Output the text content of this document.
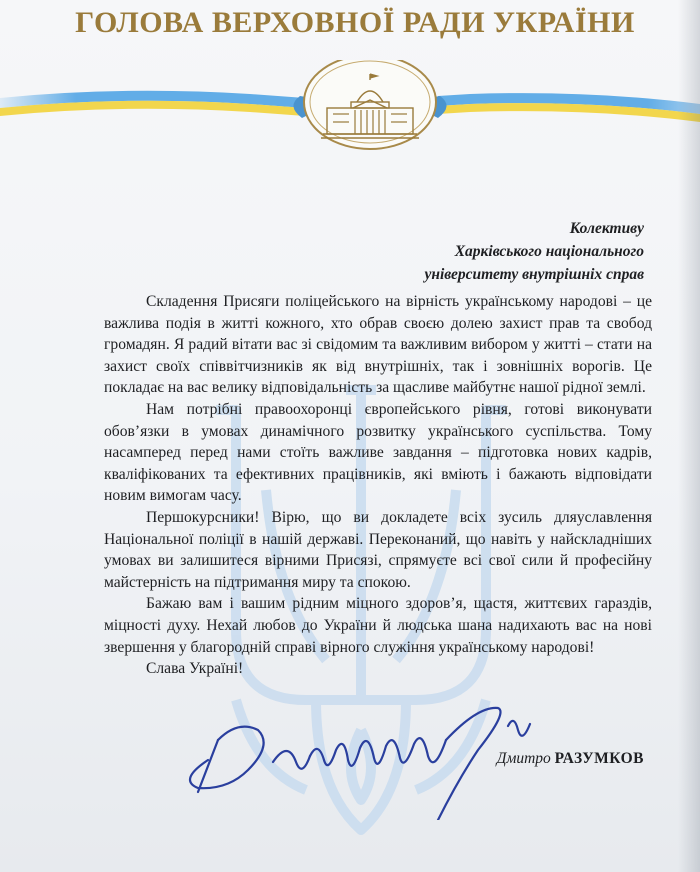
ГОЛОВА ВЕРХОВНОЇ РАДИ УКРАЇНИ
Колективу
Харківського національного
університету внутрішніх справ

Складення Присяги поліцейського на вірність українському народові – це важлива подія в житті кожного, хто обрав своєю долею захист прав та свобод громадян. Я радий вітати вас зі свідомим та важливим вибором у житті – стати на захист своїх співвітчизників як від внутрішніх, так і зовнішніх ворогів. Це покладає на вас велику відповідальність за щасливе майбутнє нашої рідної землі.

Нам потрібні правоохоронці європейського рівня, готові виконувати обов’язки в умовах динамічного розвитку українського суспільства. Тому насамперед перед нами стоїть важливе завдання – підготовка нових кадрів, кваліфікованих та ефективних працівників, які вміють і бажають відповідати новим вимогам часу.

Першокурсники! Вірю, що ви докладете всіх зусиль дляуславлення Національної поліції в нашій державі. Переконаний, що навіть у найскладніших умовах ви залишитеся вірними Присязі, спрямуєте всі свої сили й професійну майстерність на підтримання миру та спокою.

Бажаю вам і вашим рідним міцного здоров’я, щастя, життєвих гараздів, міцності духу. Нехай любов до України й людська шана надихають вас на нові звершення у благородній справі вірного служіння українському народові!

Слава Україні!

Дмитро РАЗУМКОВ
